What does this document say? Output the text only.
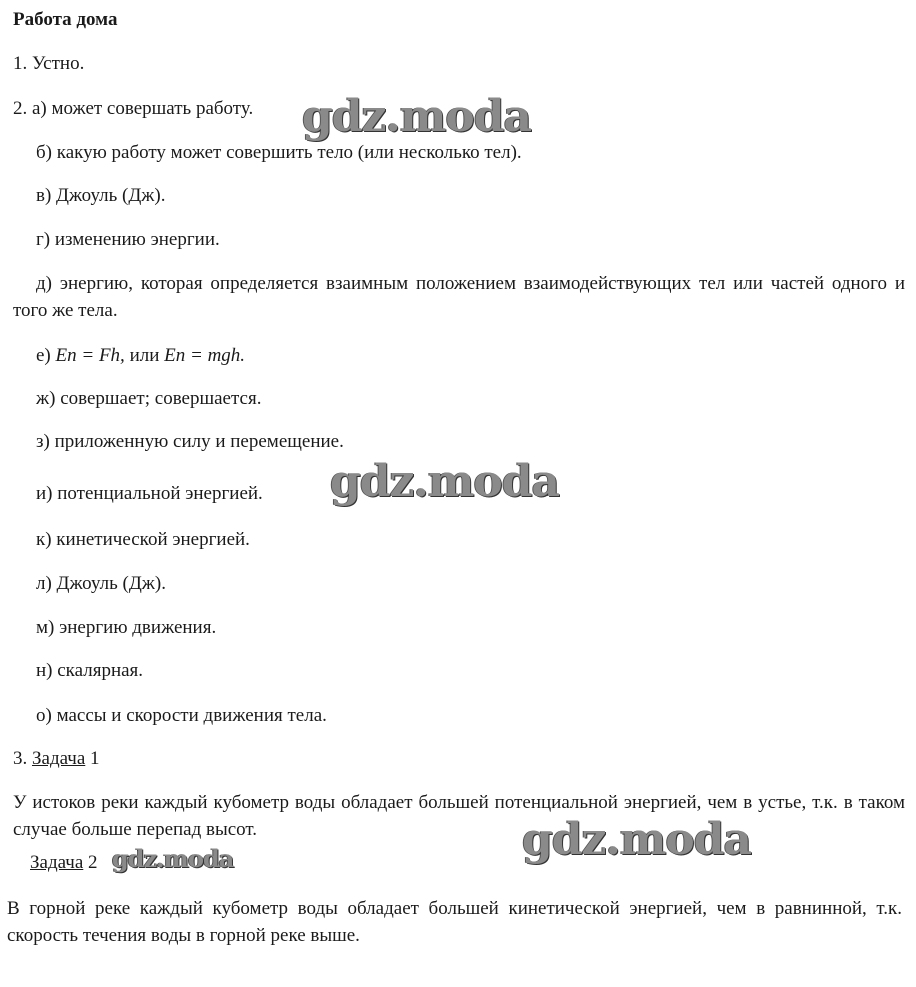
Работа дома
1. Устно.
2. а) может совершать работу.
б) какую работу может совершить тело (или несколько тел).
в) Джоуль (Дж).
г) изменению энергии.
д) энергию, которая определяется взаимным положением взаимодействующих тел или частей одного и того же тела.
е) Eп = Fh, или Eп = mgh.
ж) совершает; совершается.
з) приложенную силу и перемещение.
и) потенциальной энергией.
к) кинетической энергией.
л) Джоуль (Дж).
м) энергию движения.
н) скалярная.
о) массы и скорости движения тела.
3. Задача 1
У истоков реки каждый кубометр воды обладает большей потенциальной энергией, чем в устье, т.к. в таком случае больше перепад высот.
Задача 2
В горной реке каждый кубометр воды обладает большей кинетической энергией, чем в равнинной, т.к. скорость течения воды в горной реке выше.
gdz.moda
gdz.moda
gdz.moda
gdz.moda
